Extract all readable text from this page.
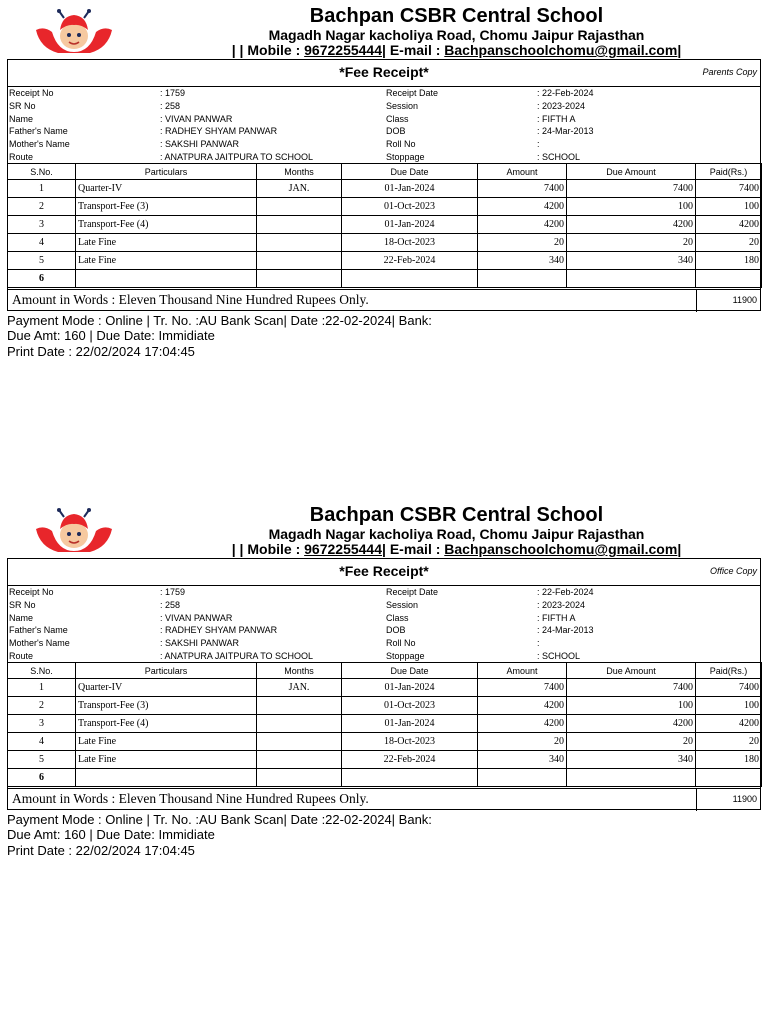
Bachpan CSBR Central School
Magadh Nagar kacholiya Road, Chomu Jaipur Rajasthan
| | Mobile : 9672255444| E-mail : Bachpanschoolchomu@gmail.com|
*Fee Receipt*	Parents Copy
Receipt No	: 1759	Receipt Date	: 22-Feb-2024
SR No	: 258	Session	: 2023-2024
Name	: VIVAN PANWAR	Class	: FIFTH A
Father's Name	: RADHEY SHYAM PANWAR	DOB	: 24-Mar-2013
Mother's Name	: SAKSHI PANWAR	Roll No	:
Route	: ANATPURA JAITPURA TO SCHOOL	Stoppage	: SCHOOL
S.No.	Particulars	Months	Due Date	Amount	Due Amount	Paid(Rs.)
1	Quarter-IV	JAN.	01-Jan-2024	7400	7400	7400
2	Transport-Fee (3)		01-Oct-2023	4200	100	100
3	Transport-Fee (4)		01-Jan-2024	4200	4200	4200
4	Late Fine		18-Oct-2023	20	20	20
5	Late Fine		22-Feb-2024	340	340	180
6						
Amount in Words : Eleven Thousand Nine Hundred Rupees Only.	11900
Payment Mode : Online | Tr. No. :AU Bank Scan| Date :22-02-2024| Bank:
Due Amt: 160 | Due Date: Immidiate
Print Date : 22/02/2024 17:04:45
Bachpan CSBR Central School
Magadh Nagar kacholiya Road, Chomu Jaipur Rajasthan
| | Mobile : 9672255444| E-mail : Bachpanschoolchomu@gmail.com|
*Fee Receipt*	Office Copy
Receipt No	: 1759	Receipt Date	: 22-Feb-2024
SR No	: 258	Session	: 2023-2024
Name	: VIVAN PANWAR	Class	: FIFTH A
Father's Name	: RADHEY SHYAM PANWAR	DOB	: 24-Mar-2013
Mother's Name	: SAKSHI PANWAR	Roll No	:
Route	: ANATPURA JAITPURA TO SCHOOL	Stoppage	: SCHOOL
S.No.	Particulars	Months	Due Date	Amount	Due Amount	Paid(Rs.)
1	Quarter-IV	JAN.	01-Jan-2024	7400	7400	7400
2	Transport-Fee (3)		01-Oct-2023	4200	100	100
3	Transport-Fee (4)		01-Jan-2024	4200	4200	4200
4	Late Fine		18-Oct-2023	20	20	20
5	Late Fine		22-Feb-2024	340	340	180
6						
Amount in Words : Eleven Thousand Nine Hundred Rupees Only.	11900
Payment Mode : Online | Tr. No. :AU Bank Scan| Date :22-02-2024| Bank:
Due Amt: 160 | Due Date: Immidiate
Print Date : 22/02/2024 17:04:45
